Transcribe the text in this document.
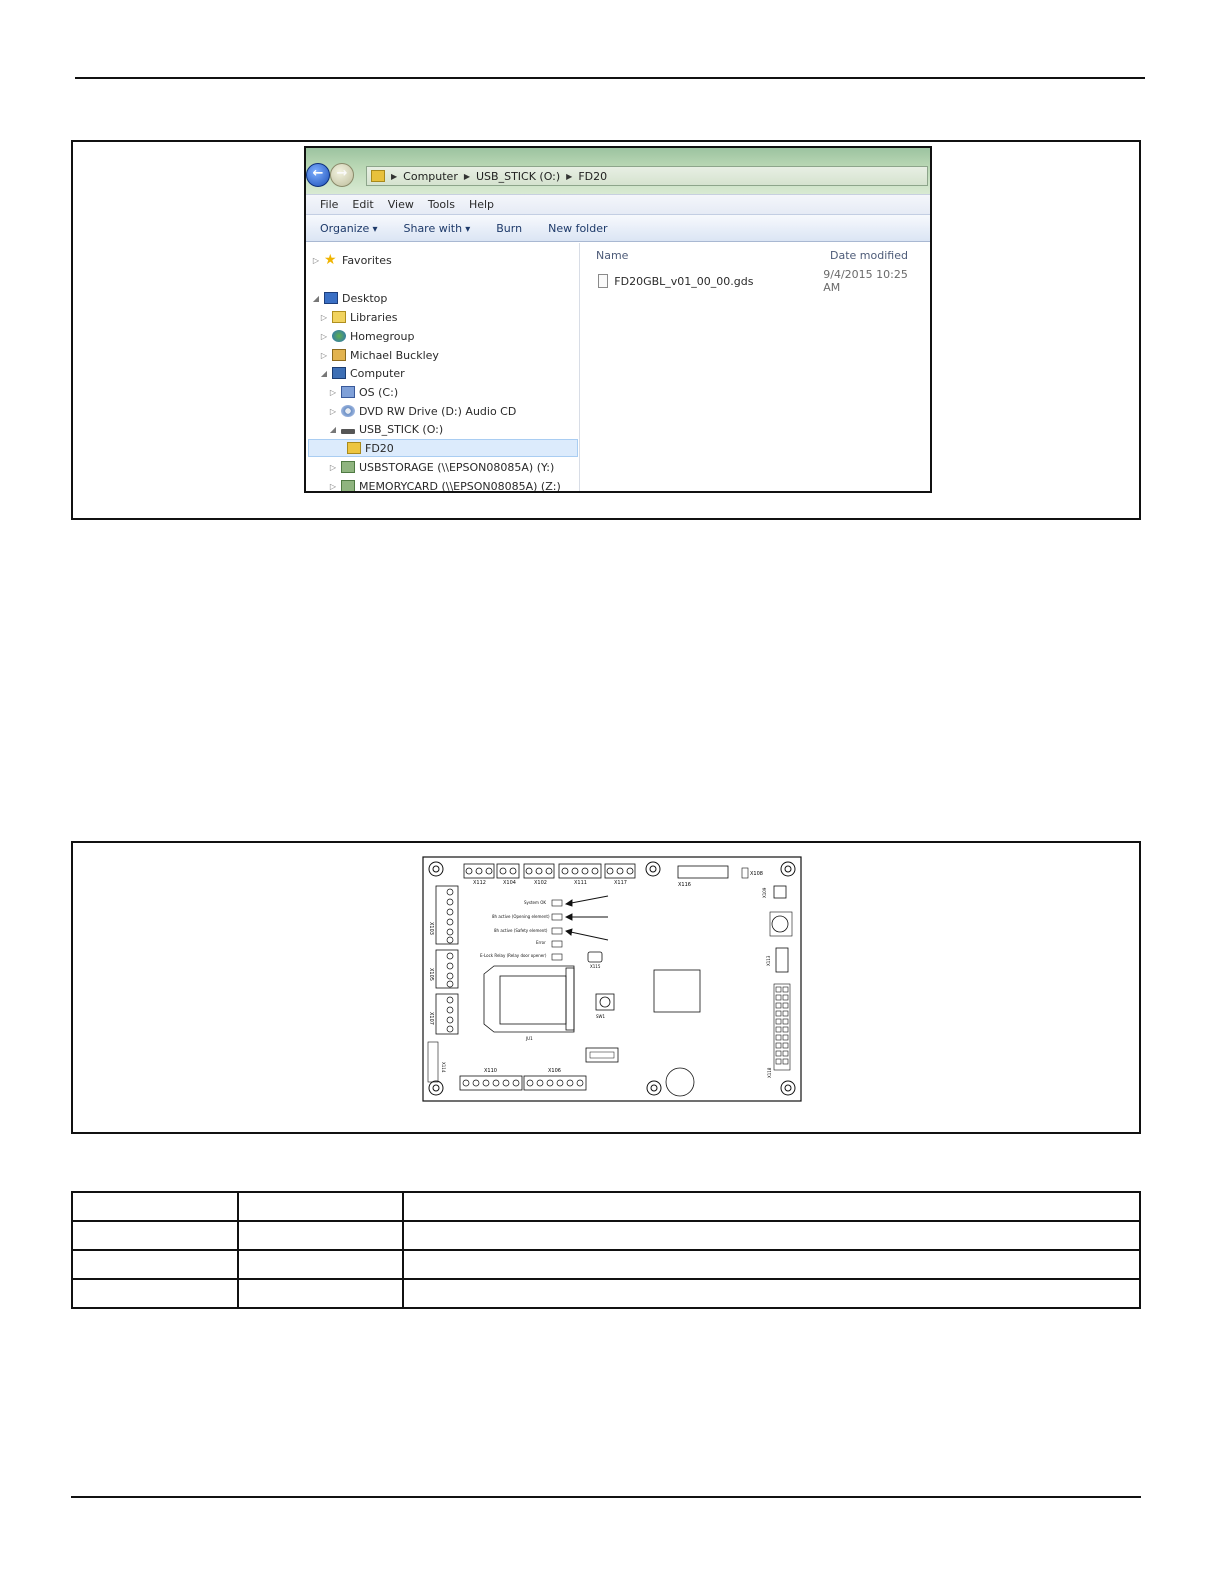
←	→	▶ Computer ▶ USB_STICK (O:) ▶ FD20
File Edit View Tools Help
Organize ▾	Share with ▾	Burn New folder
▷ ★ Favorites
◢ Desktop
▷ Libraries
▷ Homegroup
▷ Michael Buckley
◢ Computer
▷ OS (C:)
▷ DVD RW Drive (D:) Audio CD
◢ USB_STICK (O:)
FD20
▷ USBSTORAGE (\\EPSON08085A) (Y:)
▷ MEMORYCARD (\\EPSON08085A) (Z:)
Name	Date modified
FD20GBL_v01_00_00.gds	9/4/2015 10:25 AM
X112	X104	X102	X111	X117	X116
X108
X109
X113
System OK
8h active (Opening element)
8h active (Safety element)
Error
E-Lock Relay (Relay door opener)
X103
X105
X107
JU1
SW1
X115
X114	X110	X106	X118
